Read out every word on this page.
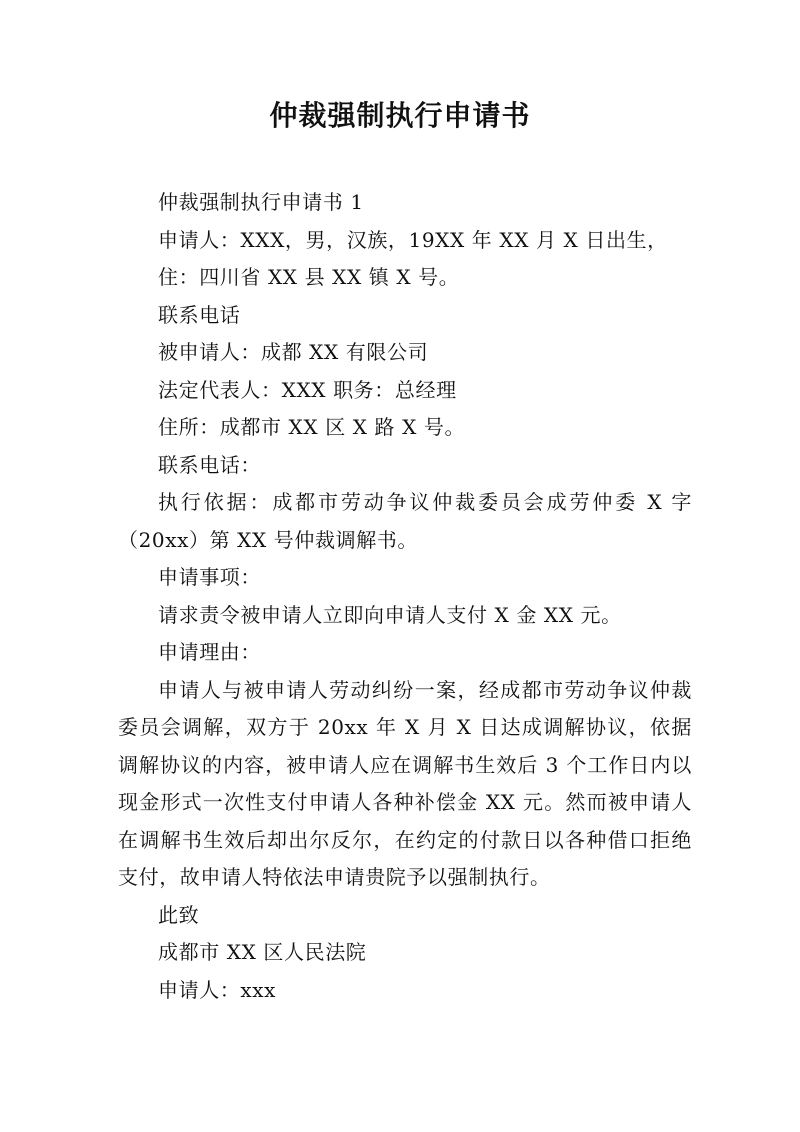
仲裁强制执行申请书

仲裁强制执行申请书 1

申请人：XXX，男，汉族，19XX 年 XX 月 X 日出生，

住：四川省 XX 县 XX 镇 X 号。

联系电话

被申请人：成都 XX 有限公司

法定代表人：XXX 职务：总经理

住所：成都市 XX 区 X 路 X 号。

联系电话：

执行依据：成都市劳动争议仲裁委员会成劳仲委 X 字（20xx）第 XX 号仲裁调解书。

申请事项：

请求责令被申请人立即向申请人支付 X 金 XX 元。

申请理由：

申请人与被申请人劳动纠纷一案，经成都市劳动争议仲裁委员会调解，双方于 20xx 年 X 月 X 日达成调解协议，依据调解协议的内容，被申请人应在调解书生效后 3 个工作日内以现金形式一次性支付申请人各种补偿金 XX 元。然而被申请人在调解书生效后却出尔反尔，在约定的付款日以各种借口拒绝支付，故申请人特依法申请贵院予以强制执行。

此致

成都市 XX 区人民法院

申请人：xxx
